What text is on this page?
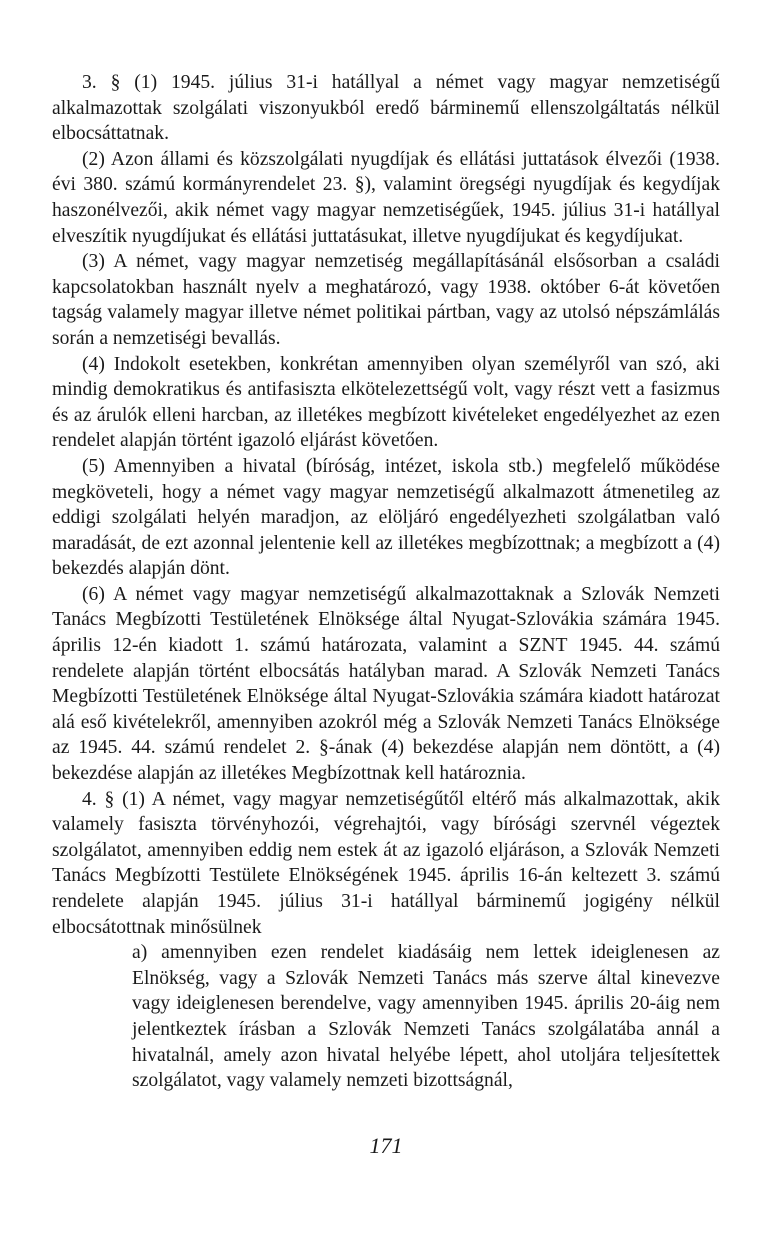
3. § (1) 1945. július 31-i hatállyal a német vagy magyar nemzetiségű alkalmazottak szolgálati viszonyukból eredő bárminemű ellenszolgáltatás nélkül elbocsáttatnak.

(2) Azon állami és közszolgálati nyugdíjak és ellátási juttatások élvezői (1938. évi 380. számú kormányrendelet 23. §), valamint öregségi nyugdíjak és kegydíjak haszonélvezői, akik német vagy magyar nemzetiségűek, 1945. július 31-i hatállyal elveszítik nyugdíjukat és ellátási juttatásukat, illetve nyugdíjukat és kegydíjukat.

(3) A német, vagy magyar nemzetiség megállapításánál elsősorban a családi kapcsolatokban használt nyelv a meghatározó, vagy 1938. október 6-át követően tagság valamely magyar illetve német politikai pártban, vagy az utolsó népszámlálás során a nemzetiségi bevallás.

(4) Indokolt esetekben, konkrétan amennyiben olyan személyről van szó, aki mindig demokratikus és antifasiszta elkötelezettségű volt, vagy részt vett a fasizmus és az árulók elleni harcban, az illetékes megbízott kivételeket engedélyezhet az ezen rendelet alapján történt igazoló eljárást követően.

(5) Amennyiben a hivatal (bíróság, intézet, iskola stb.) megfelelő működése megköveteli, hogy a német vagy magyar nemzetiségű alkalmazott átmenetileg az eddigi szolgálati helyén maradjon, az elöljáró engedélyezheti szolgálatban való maradását, de ezt azonnal jelentenie kell az illetékes megbízottnak; a megbízott a (4) bekezdés alapján dönt.

(6) A német vagy magyar nemzetiségű alkalmazottaknak a Szlovák Nemzeti Tanács Megbízotti Testületének Elnöksége által Nyugat-Szlovákia számára 1945. április 12-én kiadott 1. számú határozata, valamint a SZNT 1945. 44. számú rendelete alapján történt elbocsátás hatályban marad. A Szlovák Nemzeti Tanács Megbízotti Testületének Elnöksége által Nyugat-Szlovákia számára kiadott határozat alá eső kivételekről, amennyiben azokról még a Szlovák Nemzeti Tanács Elnöksége az 1945. 44. számú rendelet 2. §-ának (4) bekezdése alapján nem döntött, a (4) bekezdése alapján az illetékes Megbízottnak kell határoznia.

4. § (1) A német, vagy magyar nemzetiségűtől eltérő más alkalmazottak, akik valamely fasiszta törvényhozói, végrehajtói, vagy bírósági szervnél végeztek szolgálatot, amennyiben eddig nem estek át az igazoló eljáráson, a Szlovák Nemzeti Tanács Megbízotti Testülete Elnökségének 1945. április 16-án keltezett 3. számú rendelete alapján 1945. július 31-i hatállyal bárminemű jogigény nélkül elbocsátottnak minősülnek

a) amennyiben ezen rendelet kiadásáig nem lettek ideiglenesen az Elnökség, vagy a Szlovák Nemzeti Tanács más szerve által kinevezve vagy ideiglenesen berendelve, vagy amennyiben 1945. április 20-áig nem jelentkeztek írásban a Szlovák Nemzeti Tanács szolgálatába annál a hivatalnál, amely azon hivatal helyébe lépett, ahol utoljára teljesítettek szolgálatot, vagy valamely nemzeti bizottságnál,

171
